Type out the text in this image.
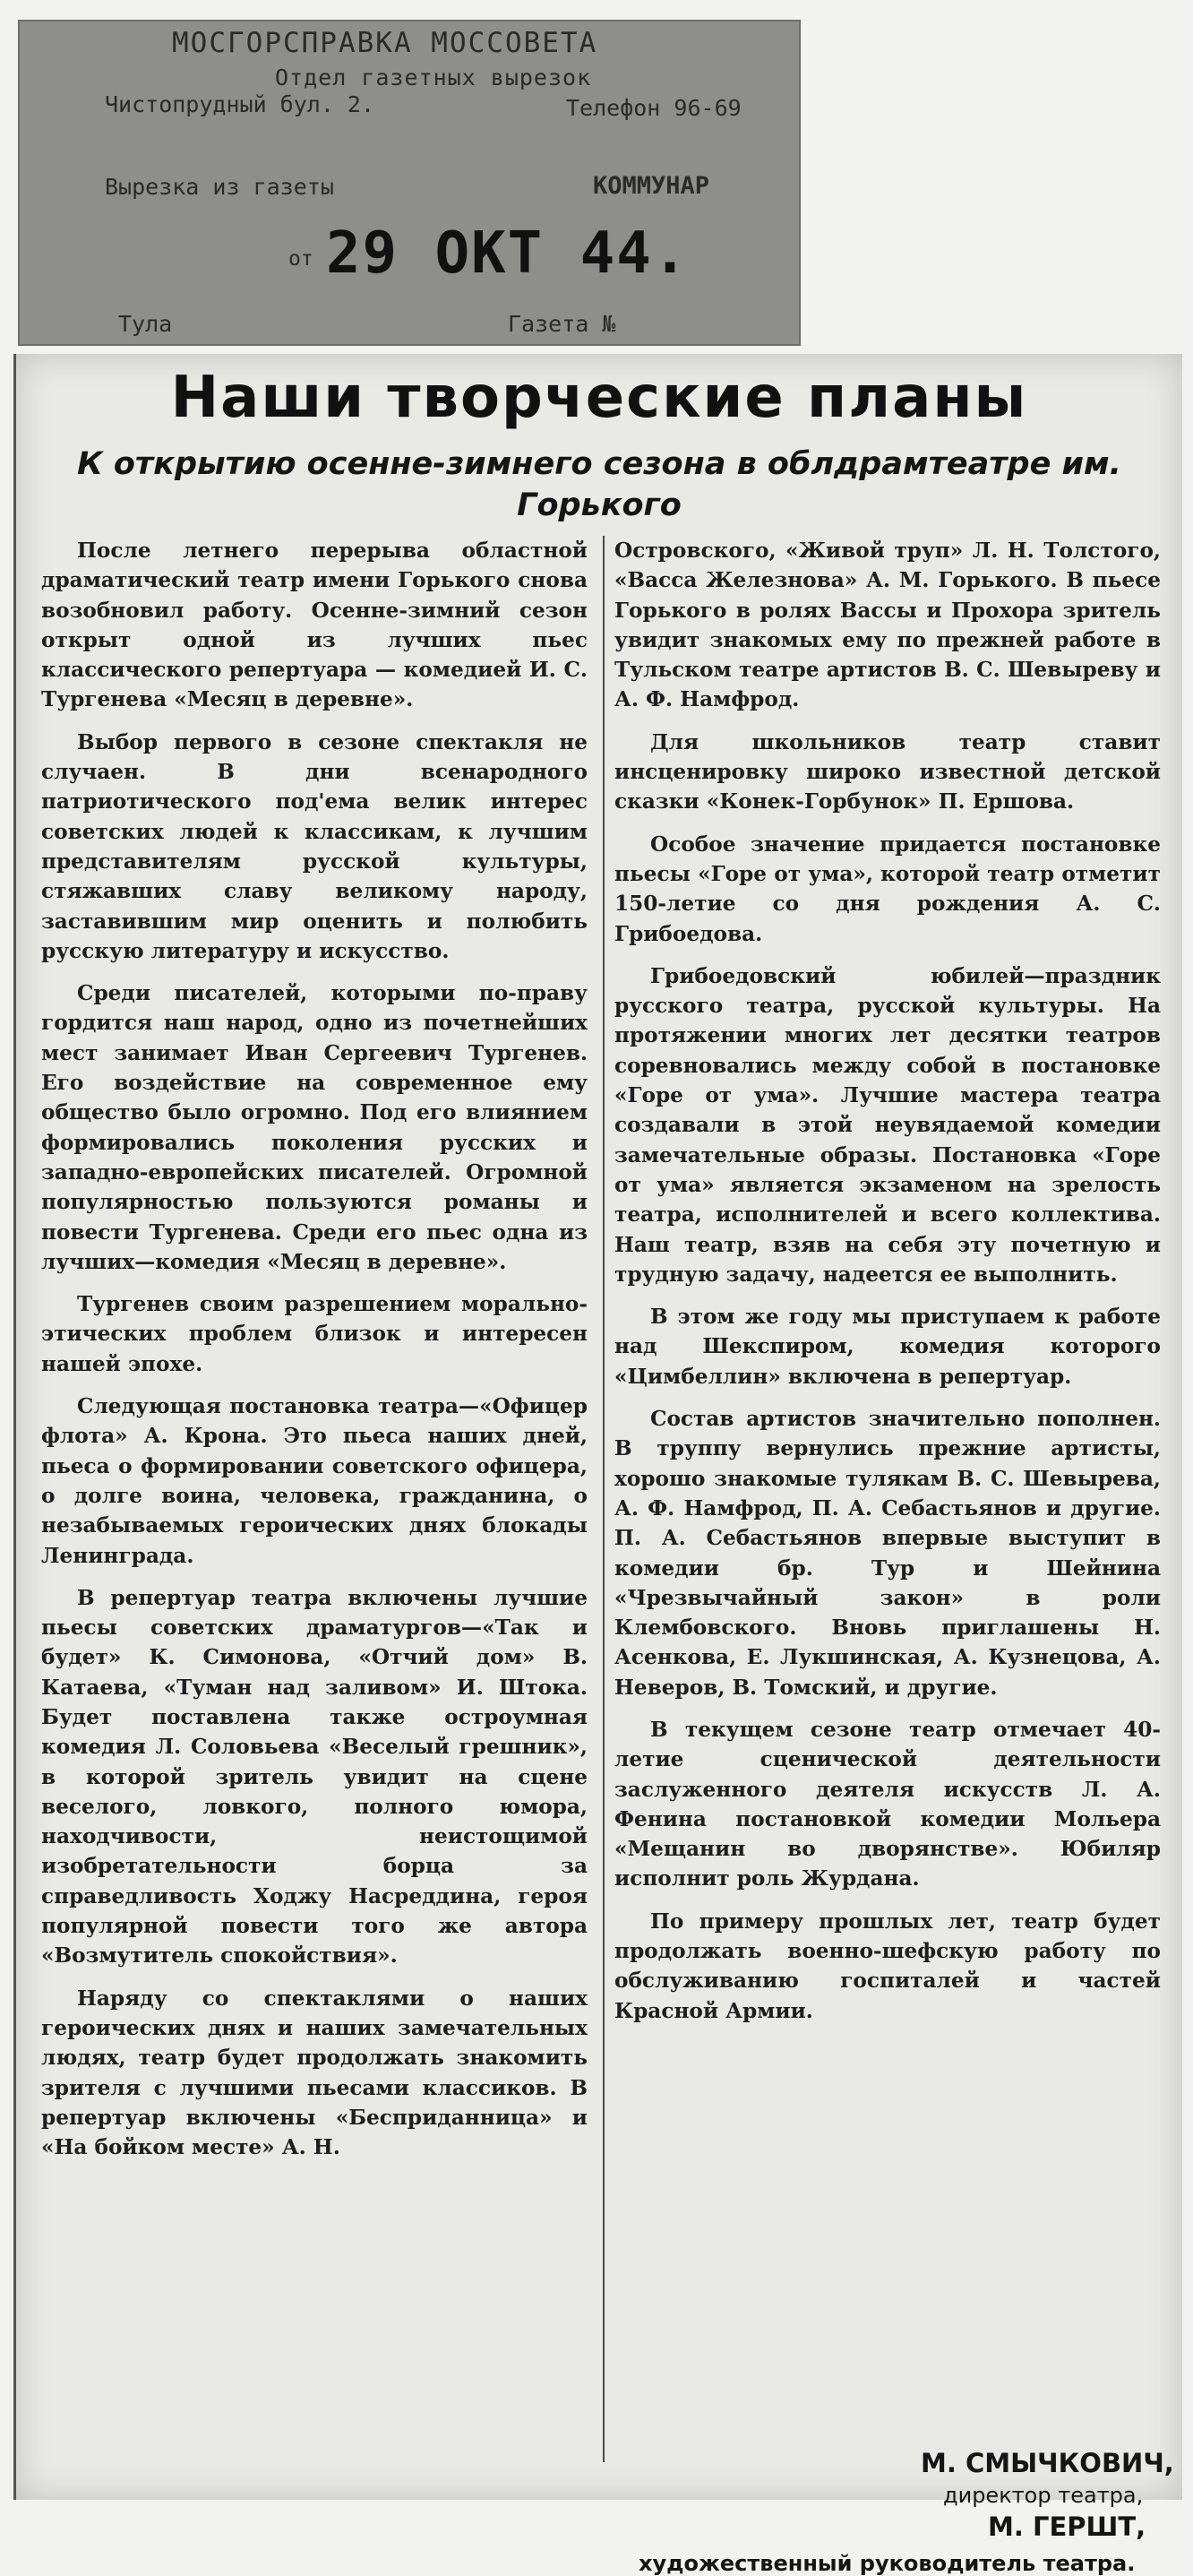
МОСГОРСПРАВКА МОССОВЕТА
Отдел газетных вырезок
Чистопрудный бул. 2.	Телефон 96-69
Вырезка из газеты	КОММУНАР
от 29 ОКТ 44.
Тула	Газета №
Наши творческие планы
К открытию осенне-зимнего сезона в облдрамтеатре им. Горького

После летнего перерыва областной драматический театр имени Горького снова возобновил работу. Осенне-зимний сезон открыт одной из лучших пьес классического репертуара — комедией И. С. Тургенева «Месяц в деревне».

Выбор первого в сезоне спектакля не случаен. В дни всенародного патриотического под'ема велик интерес советских людей к классикам, к лучшим представителям русской культуры, стяжавших славу великому народу, заставившим мир оценить и полюбить русскую литературу и искусство.

Среди писателей, которыми по-праву гордится наш народ, одно из почетнейших мест занимает Иван Сергеевич Тургенев. Его воздействие на современное ему общество было огромно. Под его влиянием формировались поколения русских и западно-европейских писателей. Огромной популярностью пользуются романы и повести Тургенева. Среди его пьес одна из лучших—комедия «Месяц в деревне».

Тургенев своим разрешением морально-этических проблем близок и интересен нашей эпохе.

Следующая постановка театра—«Офицер флота» А. Крона. Это пьеса наших дней, пьеса о формировании советского офицера, о долге воина, человека, гражданина, о незабываемых героических днях блокады Ленинграда.

В репертуар театра включены лучшие пьесы советских драматургов—«Так и будет» К. Симонова, «Отчий дом» В. Катаева, «Туман над заливом» И. Штока. Будет поставлена также остроумная комедия Л. Соловьева «Веселый грешник», в которой зритель увидит на сцене веселого, ловкого, полного юмора, находчивости, неистощимой изобретательности борца за справедливость Ходжу Насреддина, героя популярной повести того же автора «Возмутитель спокойствия».

Наряду со спектаклями о наших героических днях и наших замечательных людях, театр будет продолжать знакомить зрителя с лучшими пьесами классиков. В репертуар включены «Бесприданница» и «На бойком месте» А. Н.

Островского, «Живой труп» Л. Н. Толстого, «Васса Железнова» А. М. Горького. В пьесе Горького в ролях Вассы и Прохора зритель увидит знакомых ему по прежней работе в Тульском театре артистов В. С. Шевыреву и А. Ф. Намфрод.

Для школьников театр ставит инсценировку широко известной детской сказки «Конек-Горбунок» П. Ершова.

Особое значение придается постановке пьесы «Горе от ума», которой театр отметит 150-летие со дня рождения А. С. Грибоедова.

Грибоедовский юбилей—праздник русского театра, русской культуры. На протяжении многих лет десятки театров соревновались между собой в постановке «Горе от ума». Лучшие мастера театра создавали в этой неувядаемой комедии замечательные образы. Постановка «Горе от ума» является экзаменом на зрелость театра, исполнителей и всего коллектива. Наш театр, взяв на себя эту почетную и трудную задачу, надеется ее выполнить.

В этом же году мы приступаем к работе над Шекспиром, комедия которого «Цимбеллин» включена в репертуар.

Состав артистов значительно пополнен. В труппу вернулись прежние артисты, хорошо знакомые тулякам В. С. Шевырева, А. Ф. Намфрод, П. А. Себастьянов и другие. П. А. Себастьянов впервые выступит в комедии бр. Тур и Шейнина «Чрезвычайный закон» в роли Клембовского. Вновь приглашены Н. Асенкова, Е. Лукшинская, А. Кузнецова, А. Неверов, В. Томский, и другие.

В текущем сезоне театр отмечает 40-летие сценической деятельности заслуженного деятеля искусств Л. А. Фенина постановкой комедии Мольера «Мещанин во дворянстве». Юбиляр исполнит роль Журдана.

По примеру прошлых лет, театр будет продолжать военно-шефскую работу по обслуживанию госпиталей и частей Красной Армии.

М. СМЫЧКОВИЧ,
директор театра,
М. ГЕРШТ,
художественный руководитель театра.
